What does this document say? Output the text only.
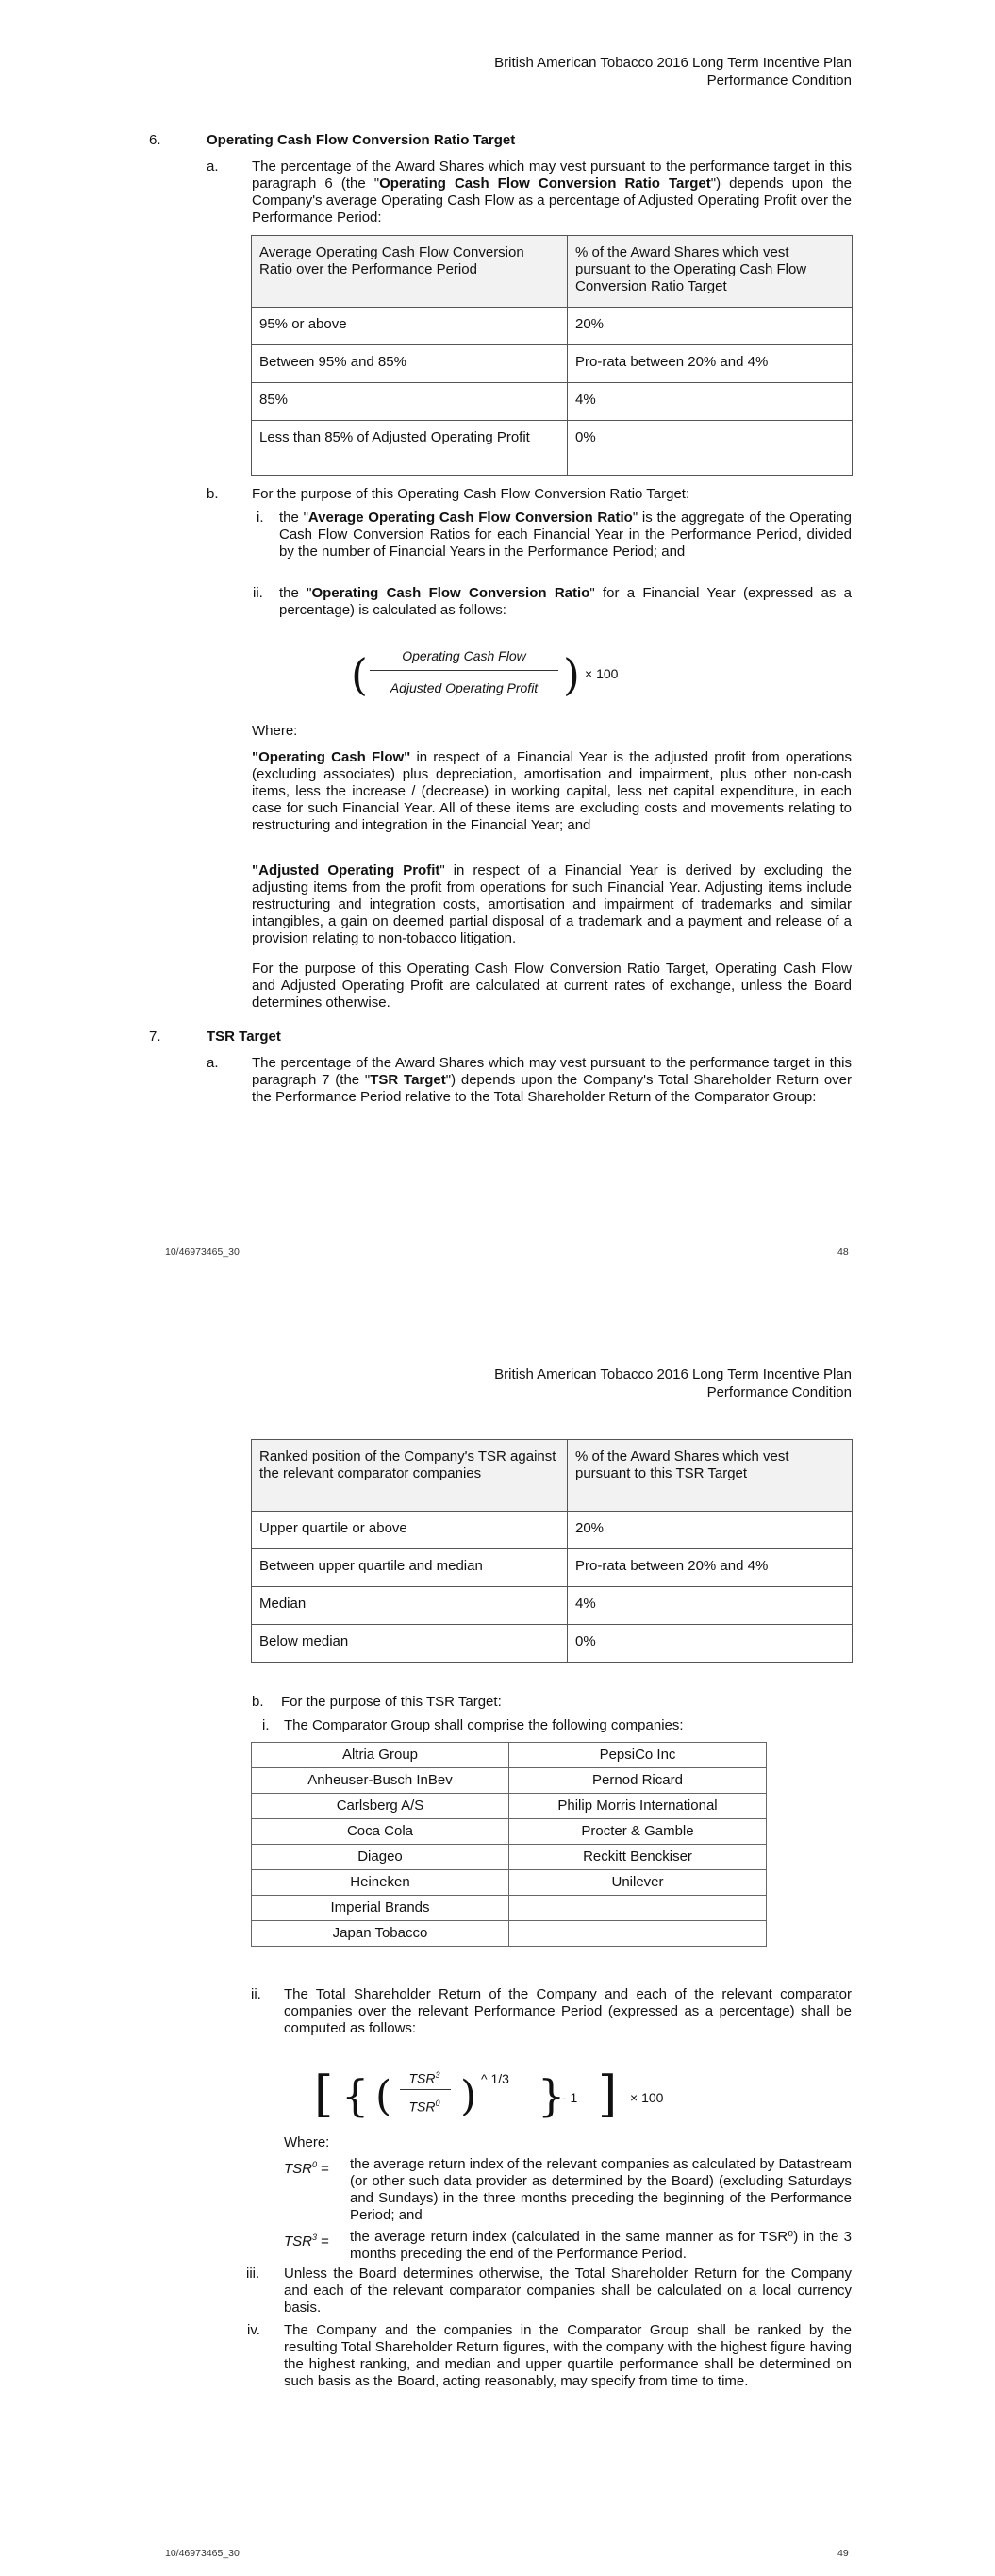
British American Tobacco 2016 Long Term Incentive Plan
Performance Condition
6.	Operating Cash Flow Conversion Ratio Target
a. The percentage of the Award Shares which may vest pursuant to the performance target in this paragraph 6 (the "Operating Cash Flow Conversion Ratio Target") depends upon the Company's average Operating Cash Flow as a percentage of Adjusted Operating Profit over the Performance Period:
Average Operating Cash Flow Conversion Ratio over the Performance Period	% of the Award Shares which vest pursuant to the Operating Cash Flow Conversion Ratio Target
95% or above	20%
Between 95% and 85%	Pro-rata between 20% and 4%
85%	4%
Less than 85% of Adjusted Operating Profit	0%
b. For the purpose of this Operating Cash Flow Conversion Ratio Target:
i. the "Average Operating Cash Flow Conversion Ratio" is the aggregate of the Operating Cash Flow Conversion Ratios for each Financial Year in the Performance Period, divided by the number of Financial Years in the Performance Period; and
ii. the "Operating Cash Flow Conversion Ratio" for a Financial Year (expressed as a percentage) is calculated as follows:
(	Operating Cash Flow
Adjusted Operating Profit ) × 100
Where:
"Operating Cash Flow" in respect of a Financial Year is the adjusted profit from operations (excluding associates) plus depreciation, amortisation and impairment, plus other non-cash items, less the increase / (decrease) in working capital, less net capital expenditure, in each case for such Financial Year. All of these items are excluding costs and movements relating to restructuring and integration in the Financial Year; and
"Adjusted Operating Profit" in respect of a Financial Year is derived by excluding the adjusting items from the profit from operations for such Financial Year. Adjusting items include restructuring and integration costs, amortisation and impairment of trademarks and similar intangibles, a gain on deemed partial disposal of a trademark and a payment and release of a provision relating to non-tobacco litigation.
For the purpose of this Operating Cash Flow Conversion Ratio Target, Operating Cash Flow and Adjusted Operating Profit are calculated at current rates of exchange, unless the Board determines otherwise.
7.	TSR Target
a. The percentage of the Award Shares which may vest pursuant to the performance target in this paragraph 7 (the "TSR Target") depends upon the Company's Total Shareholder Return over the Performance Period relative to the Total Shareholder Return of the Comparator Group:
10/46973465_30	48
British American Tobacco 2016 Long Term Incentive Plan
Performance Condition
Ranked position of the Company's TSR against the relevant comparator companies	% of the Award Shares which vest pursuant to this TSR Target
Upper quartile or above	20%
Between upper quartile and median	Pro-rata between 20% and 4%
Median	4%
Below median	0%
b. For the purpose of this TSR Target:
i. The Comparator Group shall comprise the following companies:
Altria Group	PepsiCo Inc
Anheuser-Busch InBev	Pernod Ricard
Carlsberg A/S	Philip Morris International
Coca Cola	Procter & Gamble
Diageo	Reckitt Benckiser
Heineken	Unilever
Imperial Brands	
Japan Tobacco	
ii. The Total Shareholder Return of the Company and each of the relevant comparator companies over the relevant Performance Period (expressed as a percentage) shall be computed as follows:
[ { (	TSR$^3$
TSR$^0$ ) ^ 1/3 }
- 1 ] × 100
Where:
$TSR^0$ = the average return index of the relevant companies as calculated by Datastream (or other such data provider as determined by the Board) (excluding Saturdays and Sundays) in the three months preceding the beginning of the Performance Period; and
$TSR^3$ = the average return index (calculated in the same manner as for TSR⁰) in the 3 months preceding the end of the Performance Period.
iii. Unless the Board determines otherwise, the Total Shareholder Return for the Company and each of the relevant comparator companies shall be calculated on a local currency basis.
iv. The Company and the companies in the Comparator Group shall be ranked by the resulting Total Shareholder Return figures, with the company with the highest figure having the highest ranking, and median and upper quartile performance shall be determined on such basis as the Board, acting reasonably, may specify from time to time.
10/46973465_30	49
